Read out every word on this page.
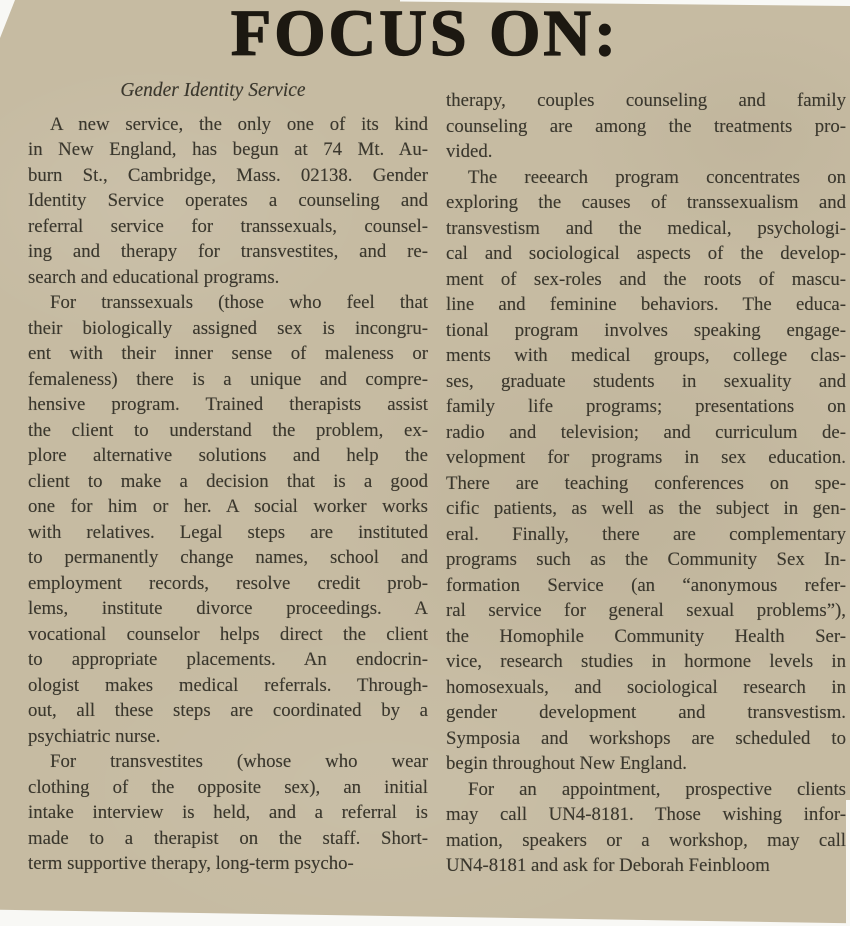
FOCUS ON:
Gender Identity Service
A new service, the only one of its kind
in New England, has begun at 74 Mt. Au-
burn St., Cambridge, Mass. 02138. Gender
Identity Service operates a counseling and
referral service for transsexuals, counsel-
ing and therapy for transvestites, and re-
search and educational programs.
For transsexuals (those who feel that
their biologically assigned sex is incongru-
ent with their inner sense of maleness or
femaleness) there is a unique and compre-
hensive program. Trained therapists assist
the client to understand the problem, ex-
plore alternative solutions and help the
client to make a decision that is a good
one for him or her. A social worker works
with relatives. Legal steps are instituted
to permanently change names, school and
employment records, resolve credit prob-
lems, institute divorce proceedings. A
vocational counselor helps direct the client
to appropriate placements. An endocrin-
ologist makes medical referrals. Through-
out, all these steps are coordinated by a
psychiatric nurse.
For transvestites (whose who wear
clothing of the opposite sex), an initial
intake interview is held, and a referral is
made to a therapist on the staff. Short-
term supportive therapy, long-term psycho-
therapy, couples counseling and family
counseling are among the treatments pro-
vided.
The reeearch program concentrates on
exploring the causes of transsexualism and
transvestism and the medical, psychologi-
cal and sociological aspects of the develop-
ment of sex-roles and the roots of mascu-
line and feminine behaviors. The educa-
tional program involves speaking engage-
ments with medical groups, college clas-
ses, graduate students in sexuality and
family life programs; presentations on
radio and television; and curriculum de-
velopment for programs in sex education.
There are teaching conferences on spe-
cific patients, as well as the subject in gen-
eral. Finally, there are complementary
programs such as the Community Sex In-
formation Service (an “anonymous refer-
ral service for general sexual problems”),
the Homophile Community Health Ser-
vice, research studies in hormone levels in
homosexuals, and sociological research in
gender development and transvestism.
Symposia and workshops are scheduled to
begin throughout New England.
For an appointment, prospective clients
may call UN4-8181. Those wishing infor-
mation, speakers or a workshop, may call
UN4-8181 and ask for Deborah Feinbloom
